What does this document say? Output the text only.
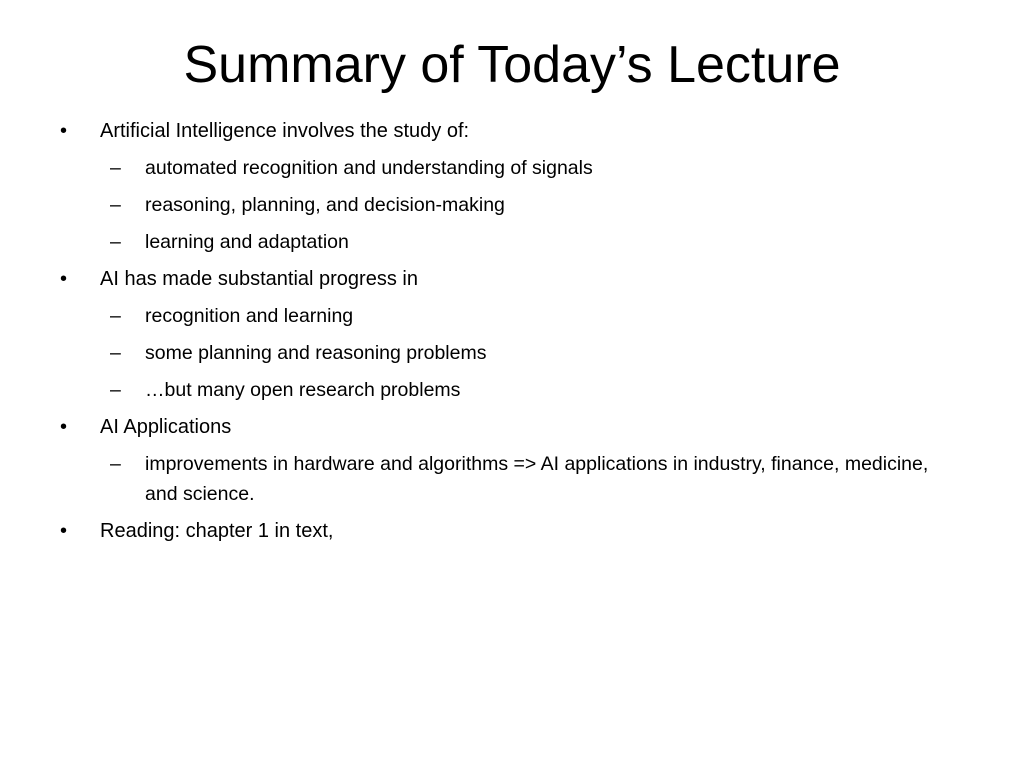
Summary of Today’s Lecture
•	Artificial Intelligence involves the study of:
–	automated recognition and understanding of signals
–	reasoning, planning, and decision-making
–	learning and adaptation
•	AI has made substantial progress in
–	recognition and learning
–	some planning and reasoning problems
–	…but many open research problems
•	AI Applications
–	improvements in hardware and algorithms => AI applications in industry, finance, medicine, and science.
•	Reading: chapter 1 in text,
